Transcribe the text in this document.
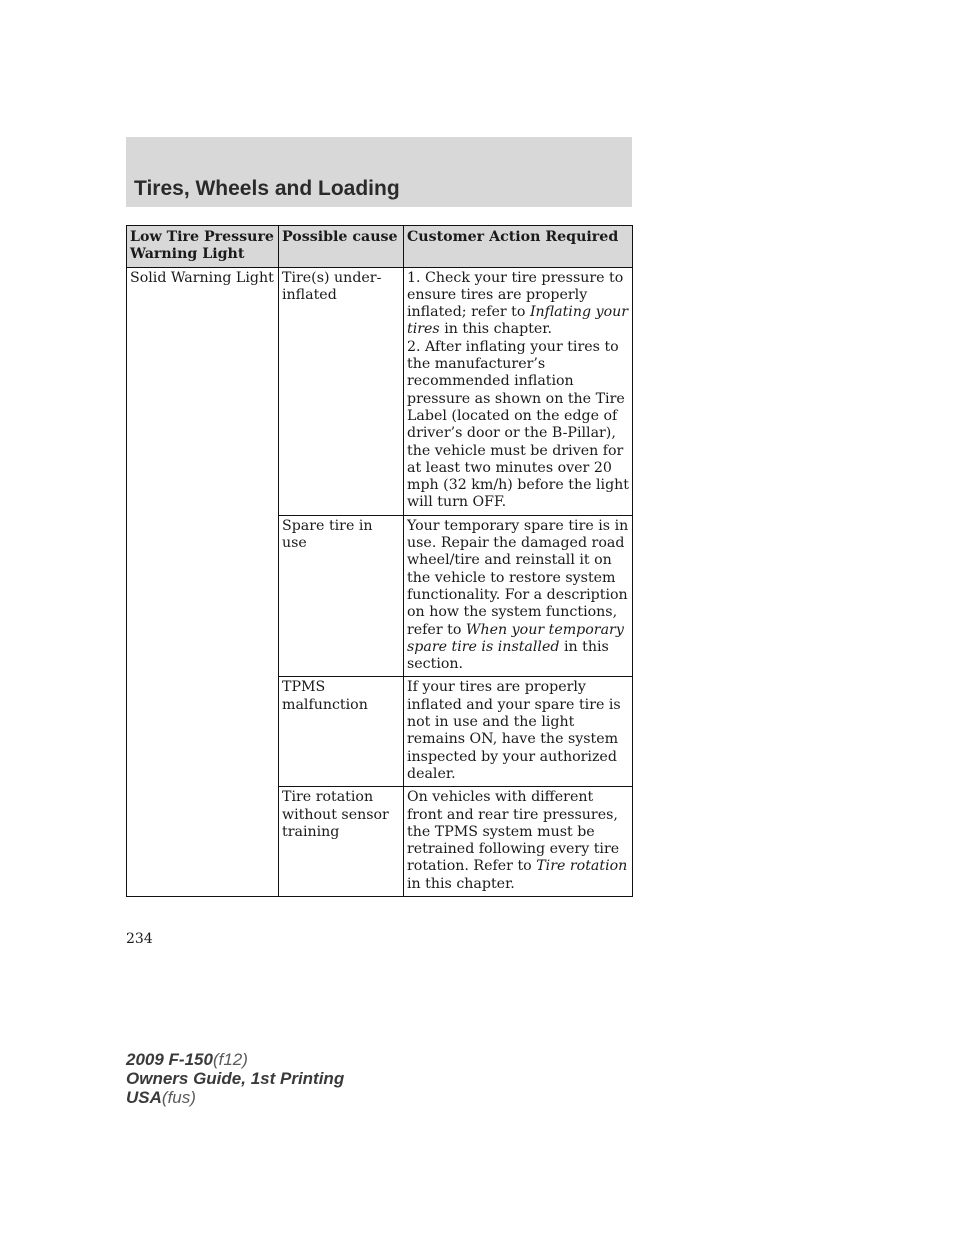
Tires, Wheels and Loading
Low Tire Pressure Warning Light	Possible cause	Customer Action Required
Solid Warning Light	Tire(s) under-inflated	1. Check your tire pressure to ensure tires are properly inflated; refer to Inflating your tires in this chapter.
2. After inflating your tires to the manufacturer’s recommended inflation pressure as shown on the Tire Label (located on the edge of driver’s door or the B-Pillar), the vehicle must be driven for at least two minutes over 20 mph (32 km/h) before the light will turn OFF.
	Spare tire in use	Your temporary spare tire is in use. Repair the damaged road wheel/tire and reinstall it on the vehicle to restore system functionality. For a description on how the system functions, refer to When your temporary spare tire is installed in this section.
	TPMS malfunction	If your tires are properly inflated and your spare tire is not in use and the light remains ON, have the system inspected by your authorized dealer.
	Tire rotation without sensor training	On vehicles with different front and rear tire pressures, the TPMS system must be retrained following every tire rotation. Refer to Tire rotation in this chapter.
234
2009 F-150(f12)
Owners Guide, 1st Printing
USA(fus)
